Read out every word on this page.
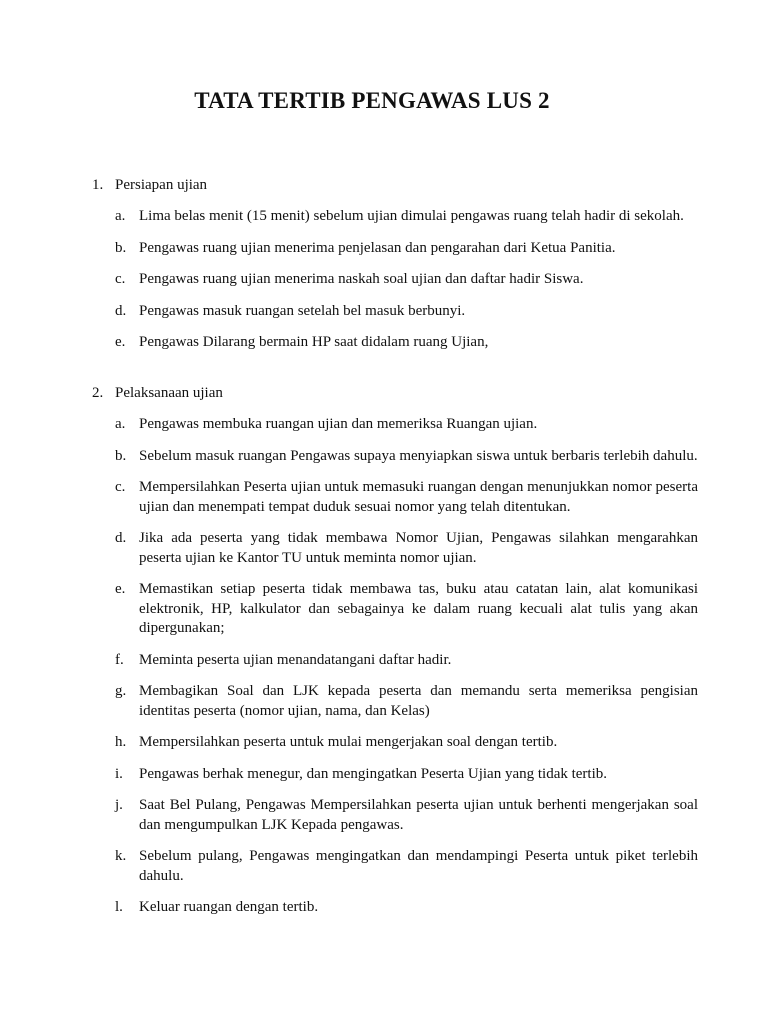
TATA TERTIB PENGAWAS LUS 2
1. Persiapan ujian
a. Lima belas menit (15 menit) sebelum ujian dimulai pengawas ruang telah hadir di sekolah.
b. Pengawas ruang ujian menerima penjelasan dan pengarahan dari Ketua Panitia.
c. Pengawas ruang ujian menerima naskah soal ujian dan daftar hadir Siswa.
d. Pengawas masuk ruangan setelah bel masuk berbunyi.
e. Pengawas Dilarang bermain HP saat didalam ruang Ujian,
2. Pelaksanaan ujian
a. Pengawas membuka ruangan ujian dan memeriksa Ruangan ujian.
b. Sebelum masuk ruangan Pengawas supaya menyiapkan siswa untuk berbaris terlebih dahulu.
c. Mempersilahkan Peserta ujian untuk memasuki ruangan dengan menunjukkan nomor peserta ujian dan menempati tempat duduk sesuai nomor yang telah ditentukan.
d. Jika ada peserta yang tidak membawa Nomor Ujian, Pengawas silahkan mengarahkan peserta ujian ke Kantor TU untuk meminta nomor ujian.
e. Memastikan setiap peserta tidak membawa tas, buku atau catatan lain, alat komunikasi elektronik, HP, kalkulator dan sebagainya ke dalam ruang kecuali alat tulis yang akan dipergunakan;
f.	Meminta peserta ujian menandatangani daftar hadir.
g. Membagikan Soal dan LJK kepada peserta dan memandu serta memeriksa pengisian identitas peserta (nomor ujian, nama, dan Kelas)
h. Mempersilahkan peserta untuk mulai mengerjakan soal dengan tertib.
i.	Pengawas berhak menegur, dan mengingatkan Peserta Ujian yang tidak tertib.
j.	Saat Bel Pulang, Pengawas Mempersilahkan peserta ujian untuk berhenti mengerjakan soal dan mengumpulkan LJK Kepada pengawas.
k. Sebelum pulang, Pengawas mengingatkan dan mendampingi Peserta untuk piket terlebih dahulu.
l.	Keluar ruangan dengan tertib.
